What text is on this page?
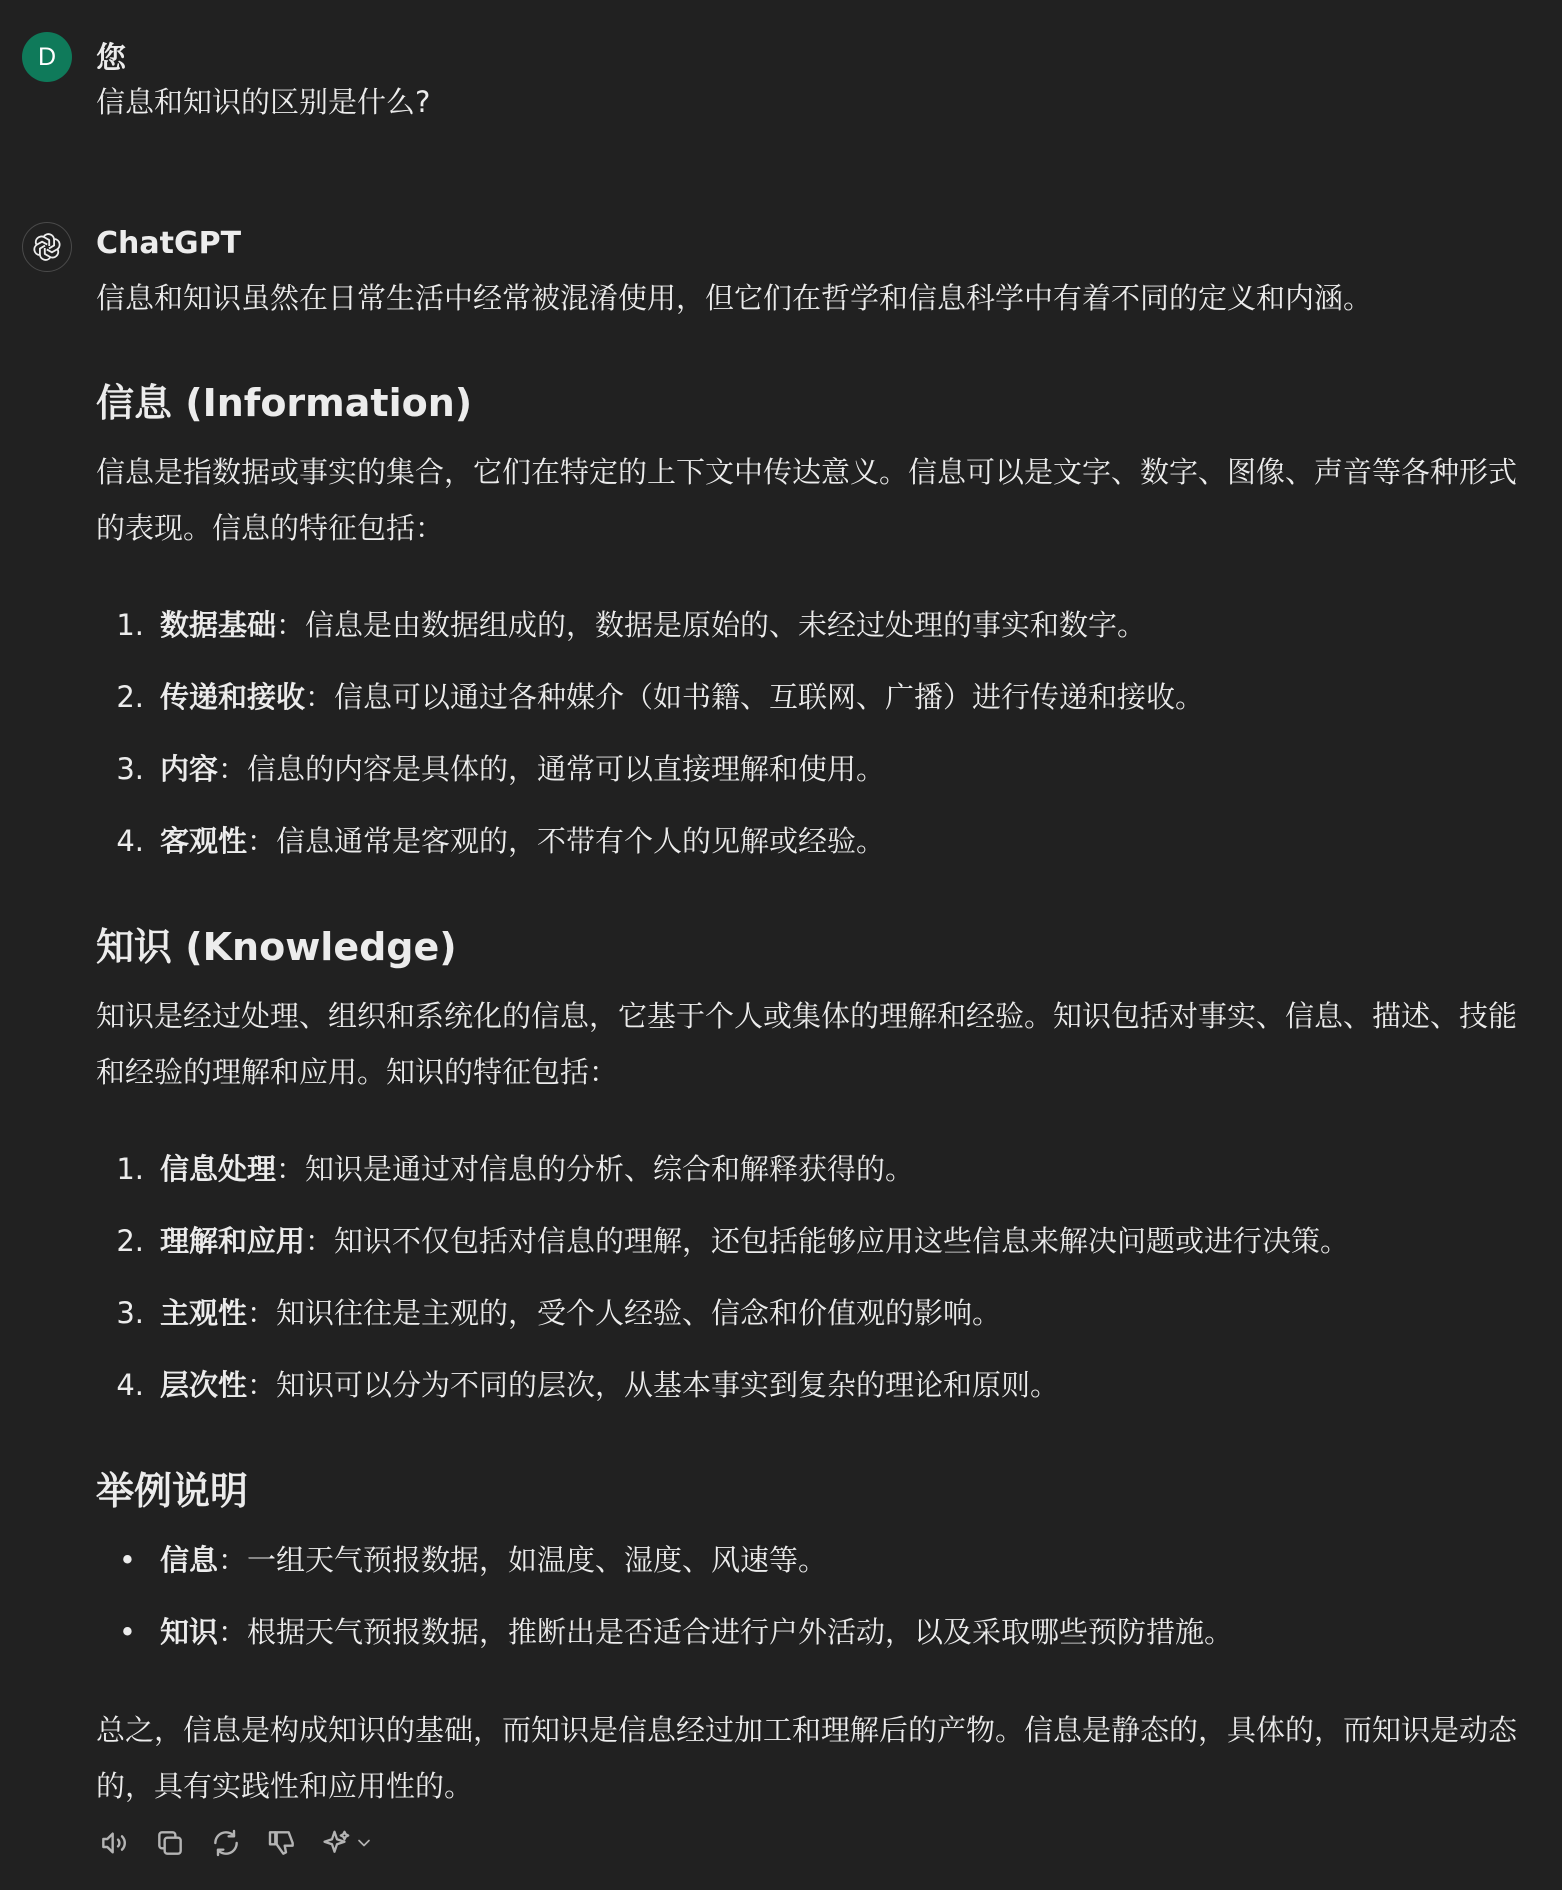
D 您
信息和知识的区别是什么?
ChatGPT
信息和知识虽然在日常生活中经常被混淆使用，但它们在哲学和信息科学中有着不同的定义和内涵。
信息 (Information)
信息是指数据或事实的集合，它们在特定的上下文中传达意义。信息可以是文字、数字、图像、声音等各种形式的表现。信息的特征包括：
1. 数据基础：信息是由数据组成的，数据是原始的、未经过处理的事实和数字。
2. 传递和接收：信息可以通过各种媒介（如书籍、互联网、广播）进行传递和接收。
3. 内容：信息的内容是具体的，通常可以直接理解和使用。
4. 客观性：信息通常是客观的，不带有个人的见解或经验。
知识 (Knowledge)
知识是经过处理、组织和系统化的信息，它基于个人或集体的理解和经验。知识包括对事实、信息、描述、技能和经验的理解和应用。知识的特征包括：
1. 信息处理：知识是通过对信息的分析、综合和解释获得的。
2. 理解和应用：知识不仅包括对信息的理解，还包括能够应用这些信息来解决问题或进行决策。
3. 主观性：知识往往是主观的，受个人经验、信念和价值观的影响。
4. 层次性：知识可以分为不同的层次，从基本事实到复杂的理论和原则。
举例说明
• 信息：一组天气预报数据，如温度、湿度、风速等。
• 知识：根据天气预报数据，推断出是否适合进行户外活动，以及采取哪些预防措施。
总之，信息是构成知识的基础，而知识是信息经过加工和理解后的产物。信息是静态的，具体的，而知识是动态的，具有实践性和应用性的。
